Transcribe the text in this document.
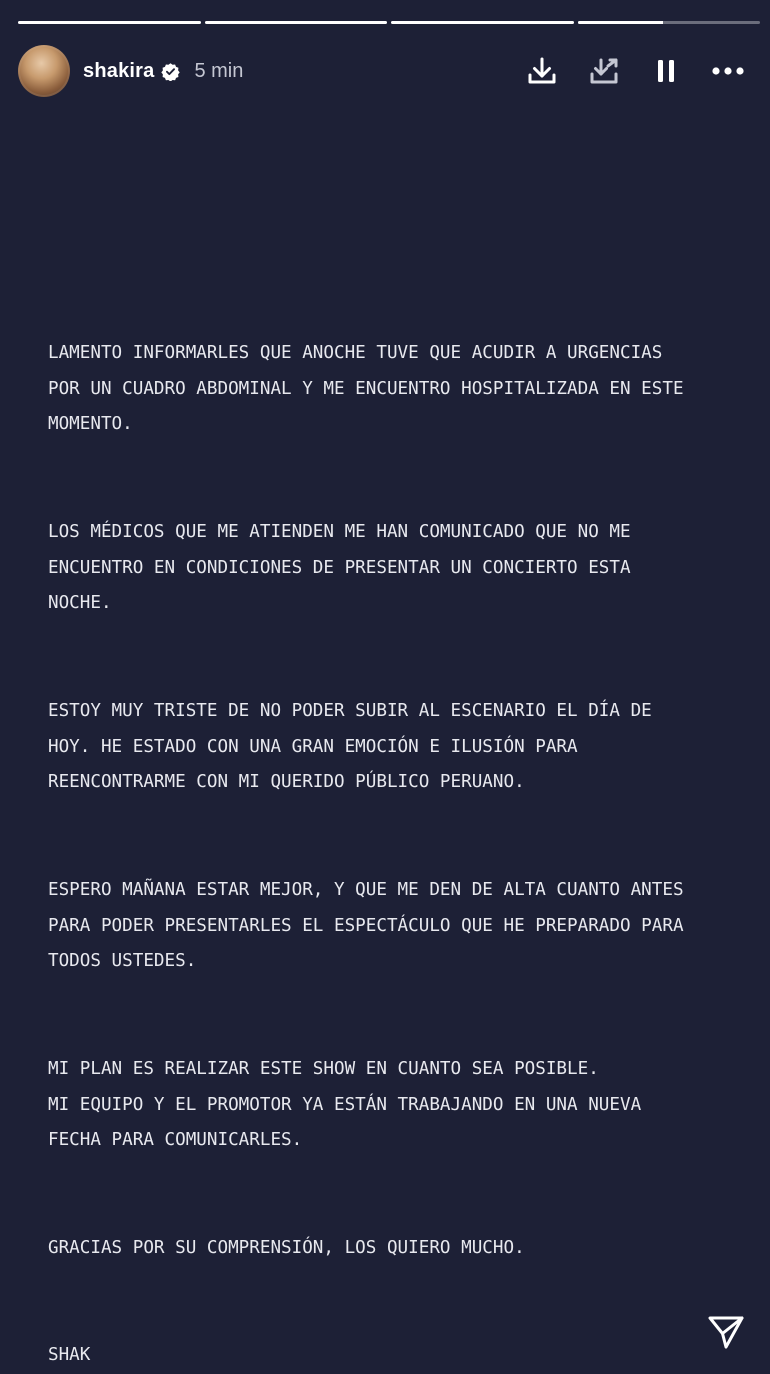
shakira 5 min

LAMENTO INFORMARLES QUE ANOCHE TUVE QUE ACUDIR A URGENCIAS
POR UN CUADRO ABDOMINAL Y ME ENCUENTRO HOSPITALIZADA EN ESTE
MOMENTO.

LOS MÉDICOS QUE ME ATIENDEN ME HAN COMUNICADO QUE NO ME
ENCUENTRO EN CONDICIONES DE PRESENTAR UN CONCIERTO ESTA
NOCHE.

ESTOY MUY TRISTE DE NO PODER SUBIR AL ESCENARIO EL DÍA DE
HOY. HE ESTADO CON UNA GRAN EMOCIÓN E ILUSIÓN PARA
REENCONTRARME CON MI QUERIDO PÚBLICO PERUANO.

ESPERO MAÑANA ESTAR MEJOR, Y QUE ME DEN DE ALTA CUANTO ANTES
PARA PODER PRESENTARLES EL ESPECTÁCULO QUE HE PREPARADO PARA
TODOS USTEDES.

MI PLAN ES REALIZAR ESTE SHOW EN CUANTO SEA POSIBLE.
MI EQUIPO Y EL PROMOTOR YA ESTÁN TRABAJANDO EN UNA NUEVA
FECHA PARA COMUNICARLES.

GRACIAS POR SU COMPRENSIÓN, LOS QUIERO MUCHO.

SHAK
